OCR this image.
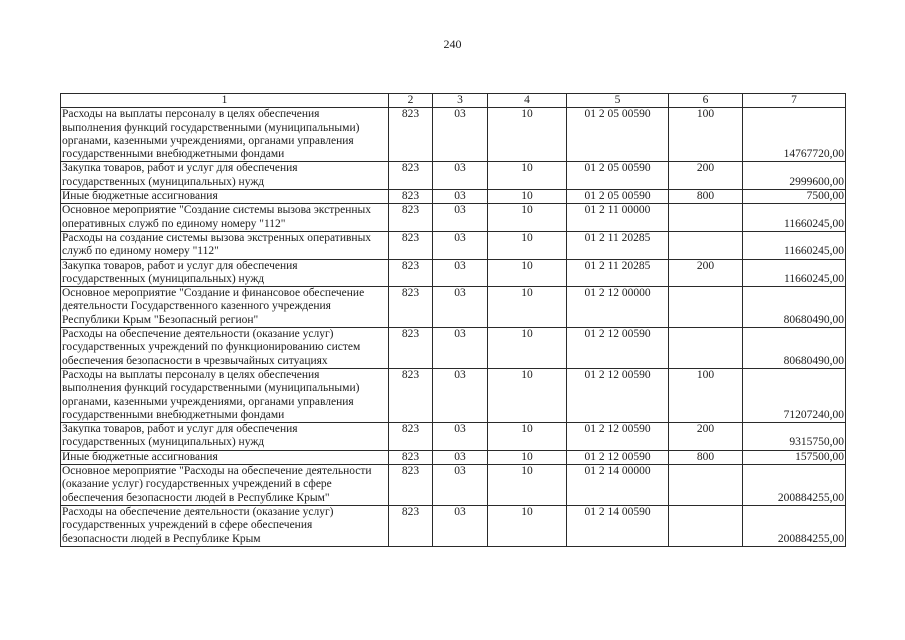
240
1	2	3	4	5	6	7
Расходы на выплаты персоналу в целях обеспечения
выполнения функций государственными (муниципальными)
органами, казенными учреждениями, органами управления
государственными внебюджетными фондами	823	03	10	01 2 05 00590	100	14767720,00
Закупка товаров, работ и услуг для обеспечения
государственных (муниципальных) нужд	823	03	10	01 2 05 00590	200	2999600,00
Иные бюджетные ассигнования	823	03	10	01 2 05 00590	800	7500,00
Основное мероприятие "Создание системы вызова экстренных
оперативных служб по единому номеру "112"	823	03	10	01 2 11 00000		11660245,00
Расходы на создание системы вызова экстренных оперативных
служб по единому номеру "112"	823	03	10	01 2 11 20285		11660245,00
Закупка товаров, работ и услуг для обеспечения
государственных (муниципальных) нужд	823	03	10	01 2 11 20285	200	11660245,00
Основное мероприятие "Создание и финансовое обеспечение
деятельности Государственного казенного учреждения
Республики Крым "Безопасный регион"	823	03	10	01 2 12 00000		80680490,00
Расходы на обеспечение деятельности (оказание услуг)
государственных учреждений по функционированию систем
обеспечения безопасности в чрезвычайных ситуациях	823	03	10	01 2 12 00590		80680490,00
Расходы на выплаты персоналу в целях обеспечения
выполнения функций государственными (муниципальными)
органами, казенными учреждениями, органами управления
государственными внебюджетными фондами	823	03	10	01 2 12 00590	100	71207240,00
Закупка товаров, работ и услуг для обеспечения
государственных (муниципальных) нужд	823	03	10	01 2 12 00590	200	9315750,00
Иные бюджетные ассигнования	823	03	10	01 2 12 00590	800	157500,00
Основное мероприятие "Расходы на обеспечение деятельности
(оказание услуг) государственных учреждений в сфере
обеспечения безопасности людей в Республике Крым"	823	03	10	01 2 14 00000		200884255,00
Расходы на обеспечение деятельности (оказание услуг)
государственных учреждений в сфере обеспечения
безопасности людей в Республике Крым	823	03	10	01 2 14 00590		200884255,00
